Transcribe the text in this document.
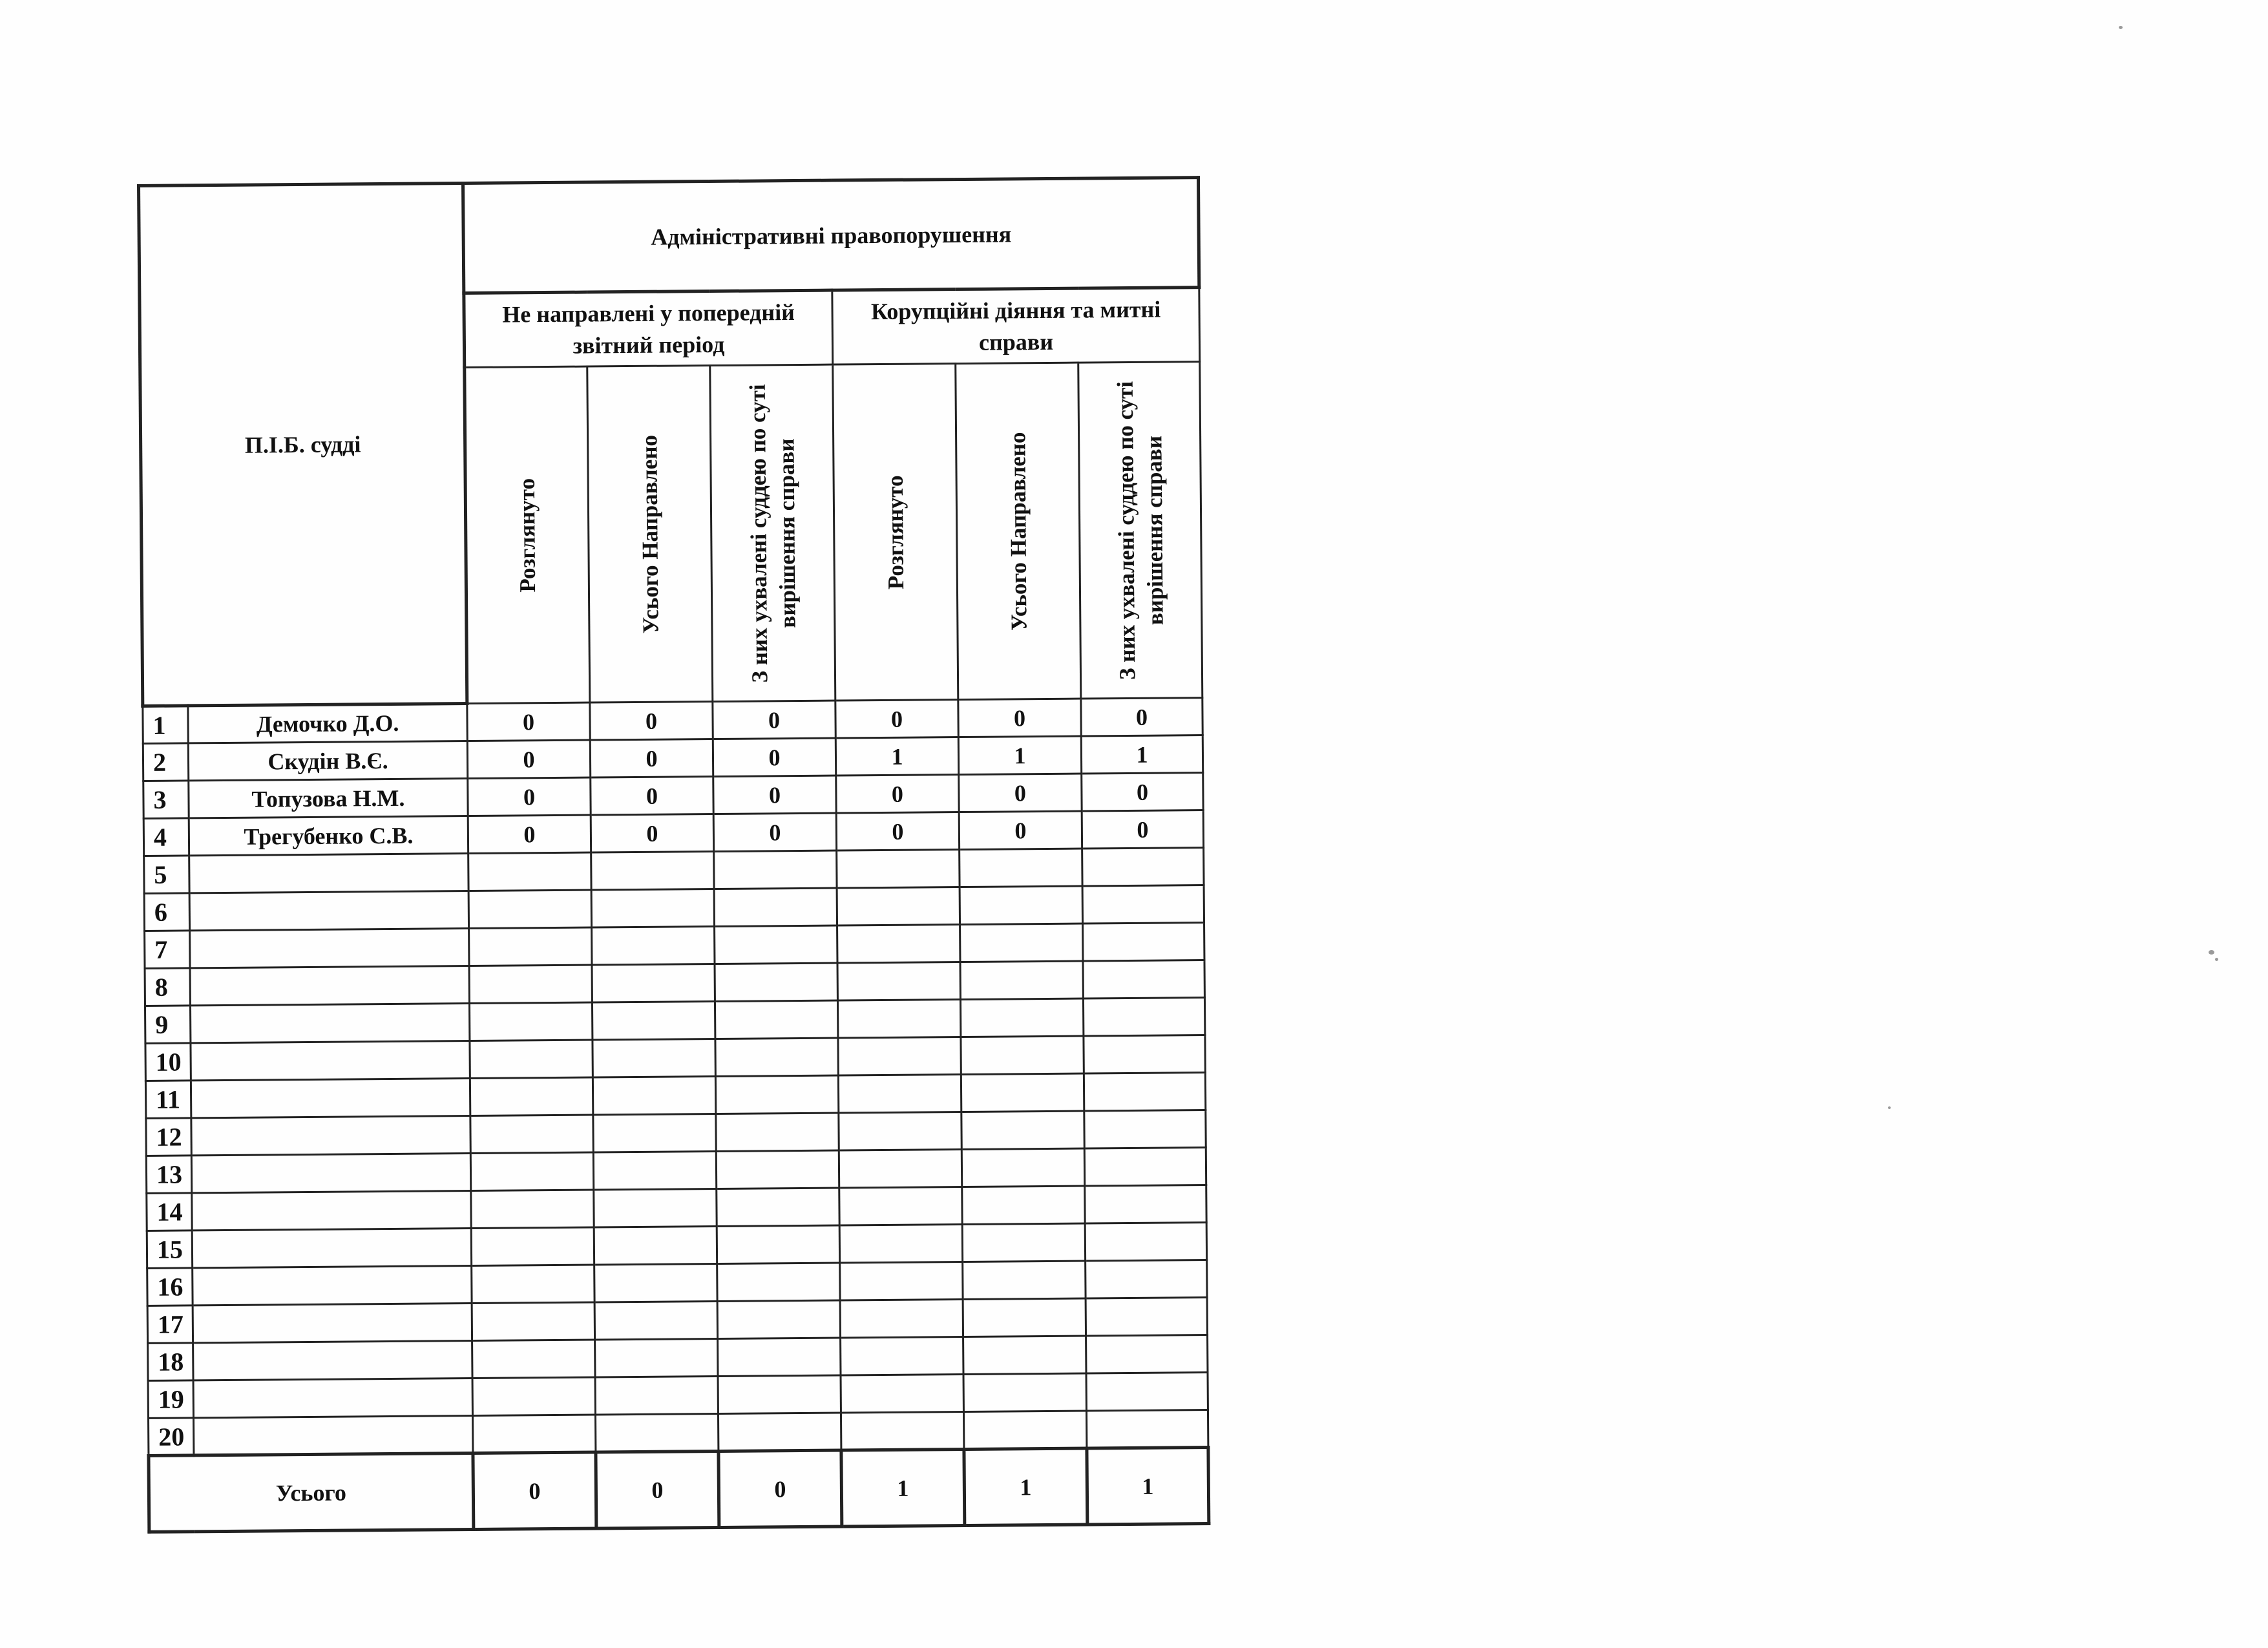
П.І.Б. судді		Адміністративні правопорушення					
		Не направлені у попередній звітний період			Корупційні діяння та митні справи		

		Розглянуто	Усього Направлено	З них ухвалені суддею по суті вирішення справи	Розглянуто	Усього Направлено	З них ухвалені суддею по суті вирішення справи

1	Демочко Д.О.	0	0	0	0	0	0
2	Скудін В.Є.	0	0	0	1	1	1
3	Топузова Н.М.	0	0	0	0	0	0
4	Трегубенко С.В.	0	0	0	0	0	0
5							
6							
7							
8							
9							
10							
11							
12							
13							
14							
15							
16							
17							
18							
19							
20							
Усього		0	0	0	1	1	1
